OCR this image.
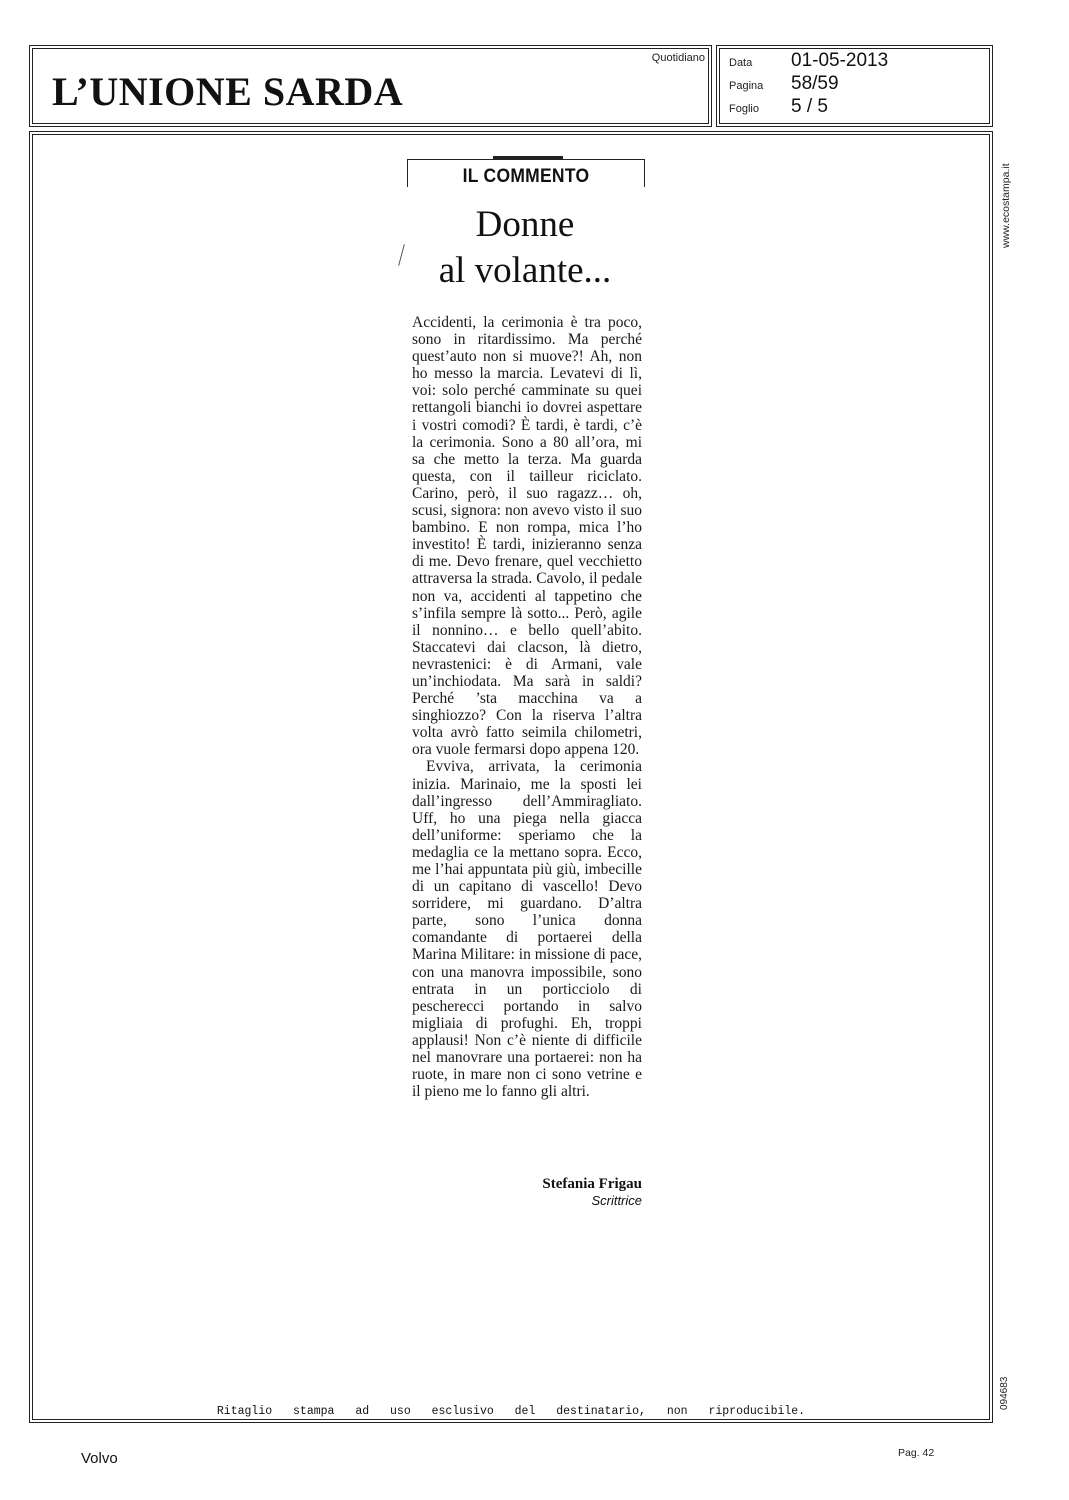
L’UNIONE SARDA
Quotidiano Data 01-05-2013
Pagina 58/59
Foglio 5 / 5
www.ecostampa.it
094683
Ritaglio stampa ad uso esclusivo del destinatario, non riproducibile.
IL COMMENTO
Donne
al volante...

Accidenti, la cerimonia è tra poco, sono in ritardissimo. Ma perché quest’auto non si muove?! Ah, non ho messo la marcia. Levatevi di lì, voi: solo perché camminate su quei rettangoli bianchi io dovrei aspettare i vostri comodi? È tardi, è tardi, c’è la cerimonia. Sono a 80 all’ora, mi sa che metto la terza. Ma guarda questa, con il tailleur riciclato. Carino, però, il suo ragazz… oh, scusi, signora: non avevo visto il suo bambino. E non rompa, mica l’ho investito! È tardi, inizieranno senza di me. Devo frenare, quel vecchietto attraversa la strada. Cavolo, il pedale non va, accidenti al tappetino che s’infila sempre là sotto... Però, agile il nonnino… e bello quell’abito. Staccatevi dai clacson, là dietro, nevrastenici: è di Armani, vale un’inchiodata. Ma sarà in saldi? Perché ’sta macchina va a singhiozzo? Con la riserva l’altra volta avrò fatto seimila chilometri, ora vuole fermarsi dopo appena 120.

Evviva, arrivata, la cerimonia inizia. Marinaio, me la sposti lei dall’ingresso dell’Ammiragliato. Uff, ho una piega nella giacca dell’uniforme: speriamo che la medaglia ce la mettano sopra. Ecco, me l’hai appuntata più giù, imbecille di un capitano di vascello! Devo sorridere, mi guardano. D’altra parte, sono l’unica donna comandante di portaerei della Marina Militare: in missione di pace, con una manovra impossibile, sono entrata in un porticciolo di pescherecci portando in salvo migliaia di profughi. Eh, troppi applausi! Non c’è niente di difficile nel manovrare una portaerei: non ha ruote, in mare non ci sono vetrine e il pieno me lo fanno gli altri.

Stefania Frigau
Scrittrice
Volvo	Pag. 42
